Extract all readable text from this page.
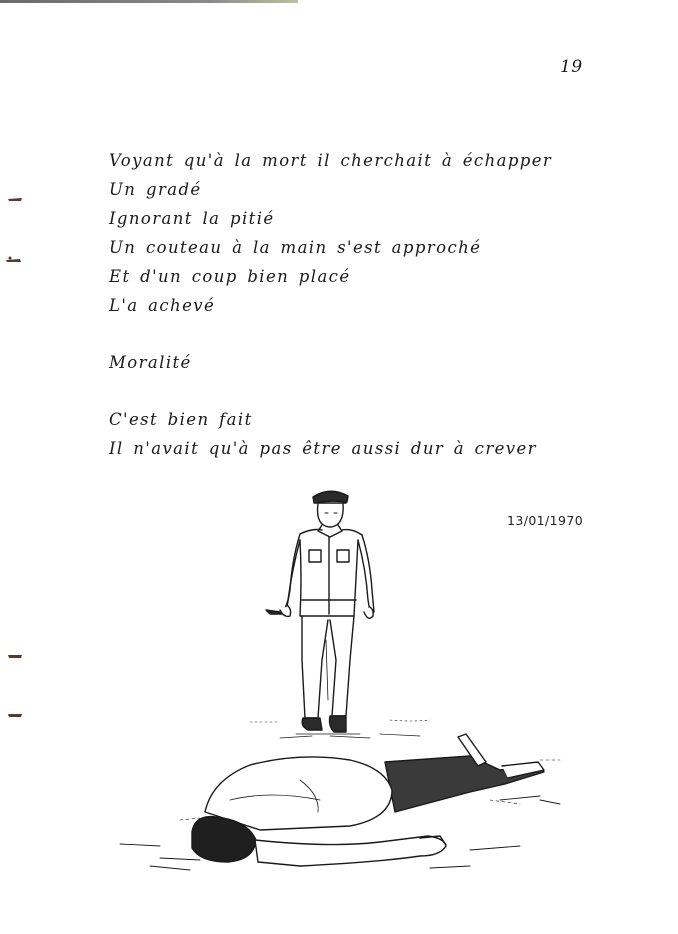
19
Voyant qu'à la mort il cherchait à échapper
Un gradé
Ignorant la pitié
Un couteau à la main s'est approché
Et d'un coup bien placé
L'a achevé
Moralité
C'est bien fait
Il n'avait qu'à pas être aussi dur à crever
13/01/1970
